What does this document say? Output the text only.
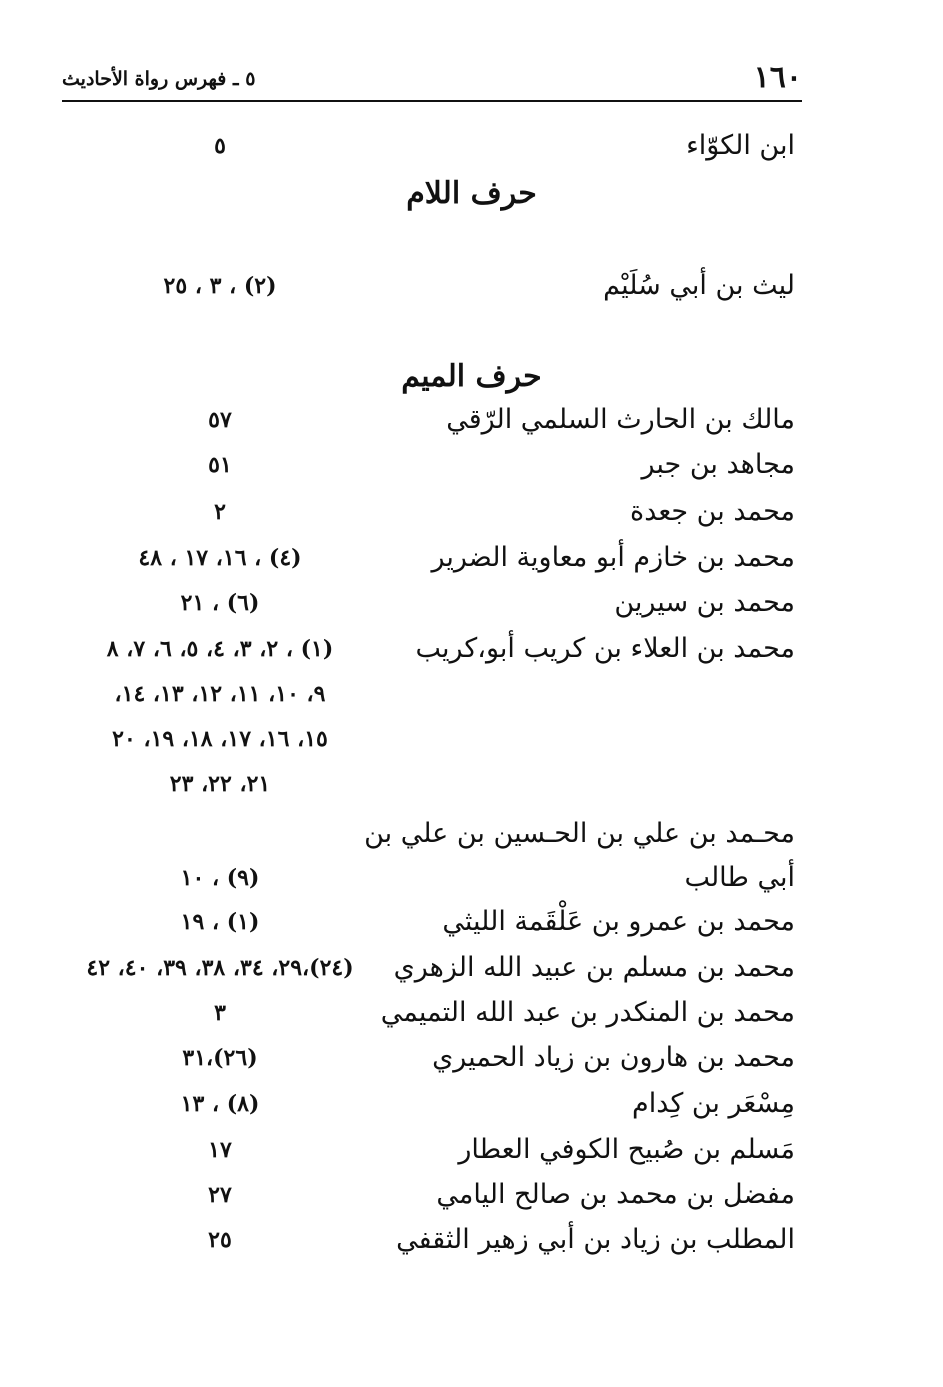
١٦٠
٥ ـ فهرس رواة الأحاديث
ابن الكوّاء
٥
حرف اللام
ليث بن أبي سُلَيْم
(٢) ، ٣ ، ٢٥
حرف الميم
مالك بن الحارث السلمي الرّقي
٥٧
مجاهد بن جبر
٥١
محمد بن جعدة
٢
محمد بن خازم أبو معاوية الضرير
(٤) ، ١٦، ١٧ ، ٤٨
محمد بن سيرين
(٦) ، ٢١
محمد بن العلاء بن كريب أبو،كريب
(١) ، ٢، ٣، ٤، ٥، ٦، ٧، ٨
٩، ١٠، ١١، ١٢، ١٣، ١٤،
١٥، ١٦، ١٧، ١٨، ١٩، ٢٠
٢١، ٢٢، ٢٣
محـمد بن علي بن الحـسين بن علي بن
أبي طالب
(٩) ، ١٠
محمد بن عمرو بن عَلْقَمة الليثي
(١) ، ١٩
محمد بن مسلم بن عبيد الله الزهري
(٢٤)،٢٩، ٣٤، ٣٨، ٣٩، ٤٠، ٤٢
محمد بن المنكدر بن عبد الله التميمي
٣
محمد بن هارون بن زياد الحميري
(٢٦)،٣١
مِسْعَر بن كِدام
(٨) ، ١٣
مَسلم بن صُبيح الكوفي العطار
١٧
مفضل بن محمد بن صالح اليامي
٢٧
المطلب بن زياد بن أبي زهير الثقفي
٢٥
